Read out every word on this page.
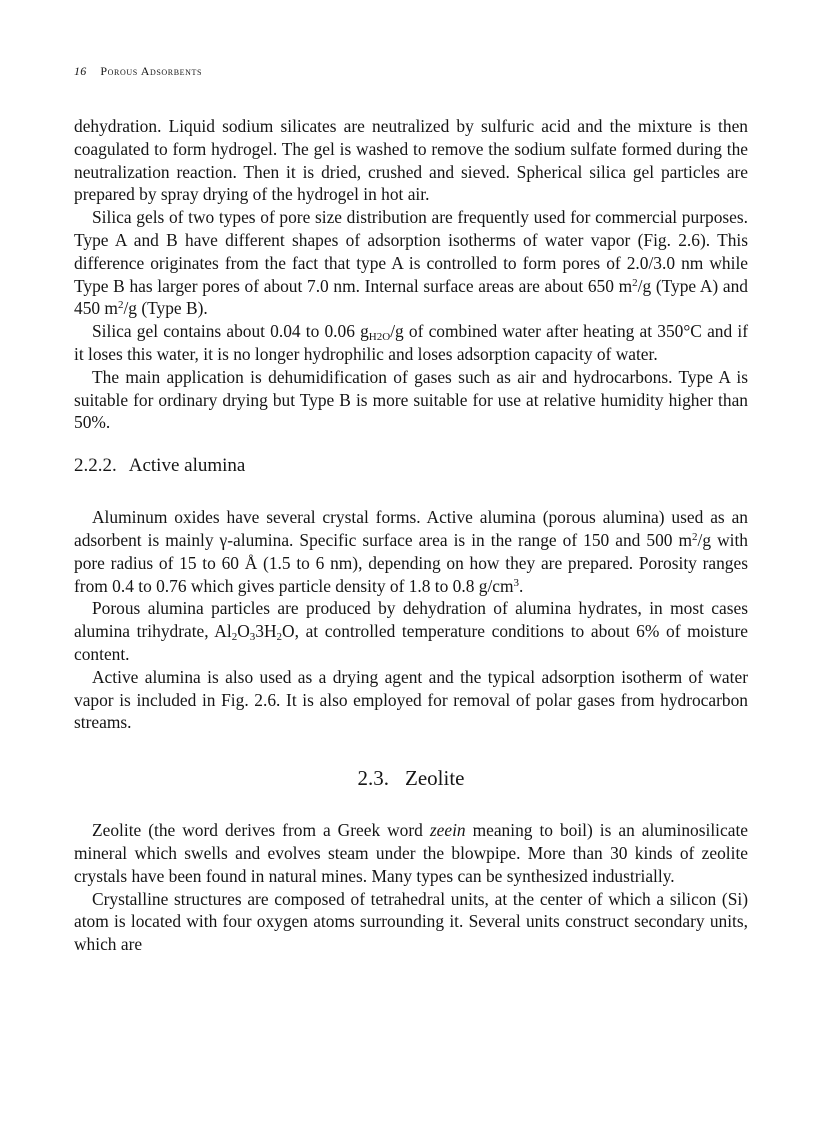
16 Porous Adsorbents

dehydration. Liquid sodium silicates are neutralized by sulfuric acid and the mixture is then coagulated to form hydrogel. The gel is washed to remove the sodium sulfate formed during the neutralization reaction. Then it is dried, crushed and sieved. Spherical silica gel particles are prepared by spray drying of the hydrogel in hot air.

Silica gels of two types of pore size distribution are frequently used for commercial purposes. Type A and B have different shapes of adsorption isotherms of water vapor (Fig. 2.6). This difference originates from the fact that type A is controlled to form pores of 2.0/3.0 nm while Type B has larger pores of about 7.0 nm. Internal surface areas are about 650 $m^2/g$ (Type A) and 450 $m^2/g$ (Type B).

Silica gel contains about 0.04 to 0.06 $g_{H2O}/g$ of combined water after heating at 350°C and if it loses this water, it is no longer hydrophilic and loses adsorption capacity of water.

The main application is dehumidification of gases such as air and hydrocarbons. Type A is suitable for ordinary drying but Type B is more suitable for use at relative humidity higher than 50%.

2.2.2. Active alumina

Aluminum oxides have several crystal forms. Active alumina (porous alumina) used as an adsorbent is mainly γ-alumina. Specific surface area is in the range of 150 and 500 $m^2/g$ with pore radius of 15 to 60 Å (1.5 to 6 nm), depending on how they are prepared. Porosity ranges from 0.4 to 0.76 which gives particle density of 1.8 to 0.8 $g/cm^3$.

Porous alumina particles are produced by dehydration of alumina hydrates, in most cases alumina trihydrate, $Al_2O_33H_2O$, at controlled temperature conditions to about 6% of moisture content.

Active alumina is also used as a drying agent and the typical adsorption isotherm of water vapor is included in Fig. 2.6. It is also employed for removal of polar gases from hydrocarbon streams.

2.3. Zeolite

Zeolite (the word derives from a Greek word zeein meaning to boil) is an aluminosilicate mineral which swells and evolves steam under the blowpipe. More than 30 kinds of zeolite crystals have been found in natural mines. Many types can be synthesized industrially.

Crystalline structures are composed of tetrahedral units, at the center of which a silicon (Si) atom is located with four oxygen atoms surrounding it. Several units construct secondary units, which are
